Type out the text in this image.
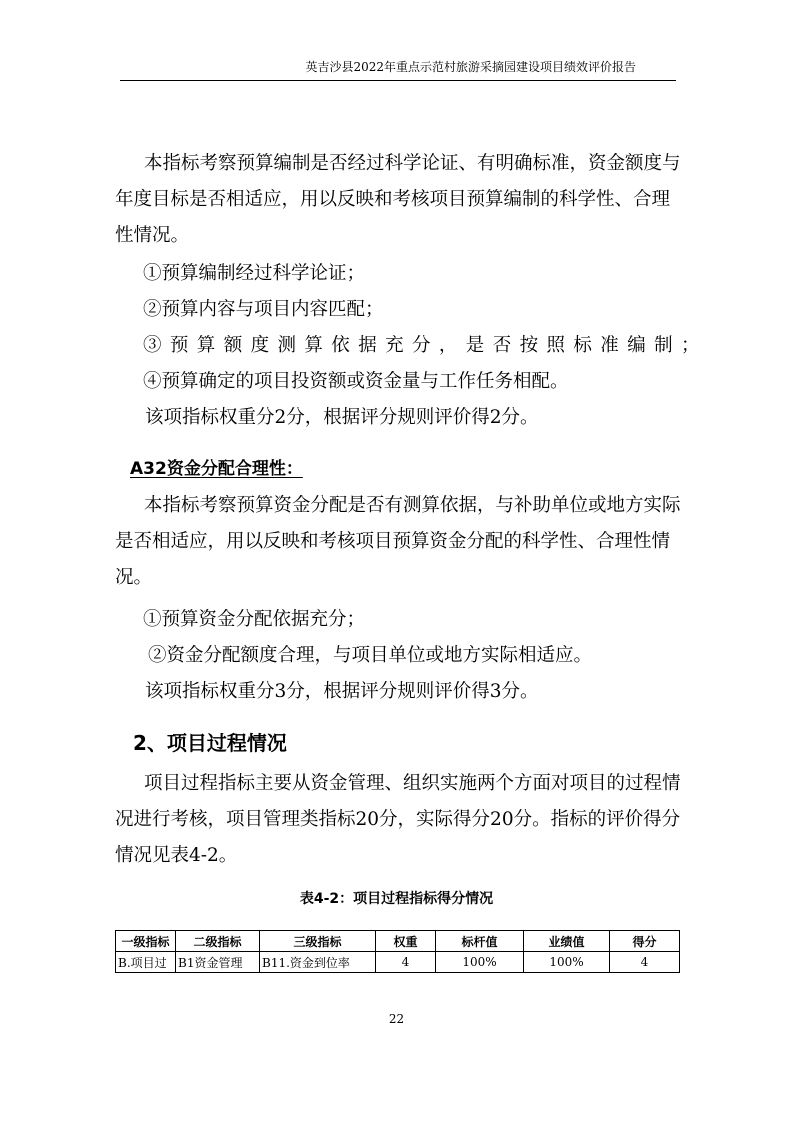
英吉沙县2022年重点示范村旅游采摘园建设项目绩效评价报告

本指标考察预算编制是否经过科学论证、有明确标准，资金额度与年度目标是否相适应，用以反映和考核项目预算编制的科学性、合理性情况。

①预算编制经过科学论证；

②预算内容与项目内容匹配；

③预算额度测算依据充分，是否按照标准编制；

④预算确定的项目投资额或资金量与工作任务相配。

该项指标权重分2分，根据评分规则评价得2分。

A32资金分配合理性：

本指标考察预算资金分配是否有测算依据，与补助单位或地方实际是否相适应，用以反映和考核项目预算资金分配的科学性、合理性情况。

①预算资金分配依据充分；

②资金分配额度合理，与项目单位或地方实际相适应。

该项指标权重分3分，根据评分规则评价得3分。

2、项目过程情况

项目过程指标主要从资金管理、组织实施两个方面对项目的过程情况进行考核，项目管理类指标20分，实际得分20分。指标的评价得分情况见表4-2。

表4-2：项目过程指标得分情况
一级指标	二级指标	三级指标	权重	标杆值	业绩值	得分
B.项目过	B1资金管理	B11.资金到位率	4	100%	100%	4
22
